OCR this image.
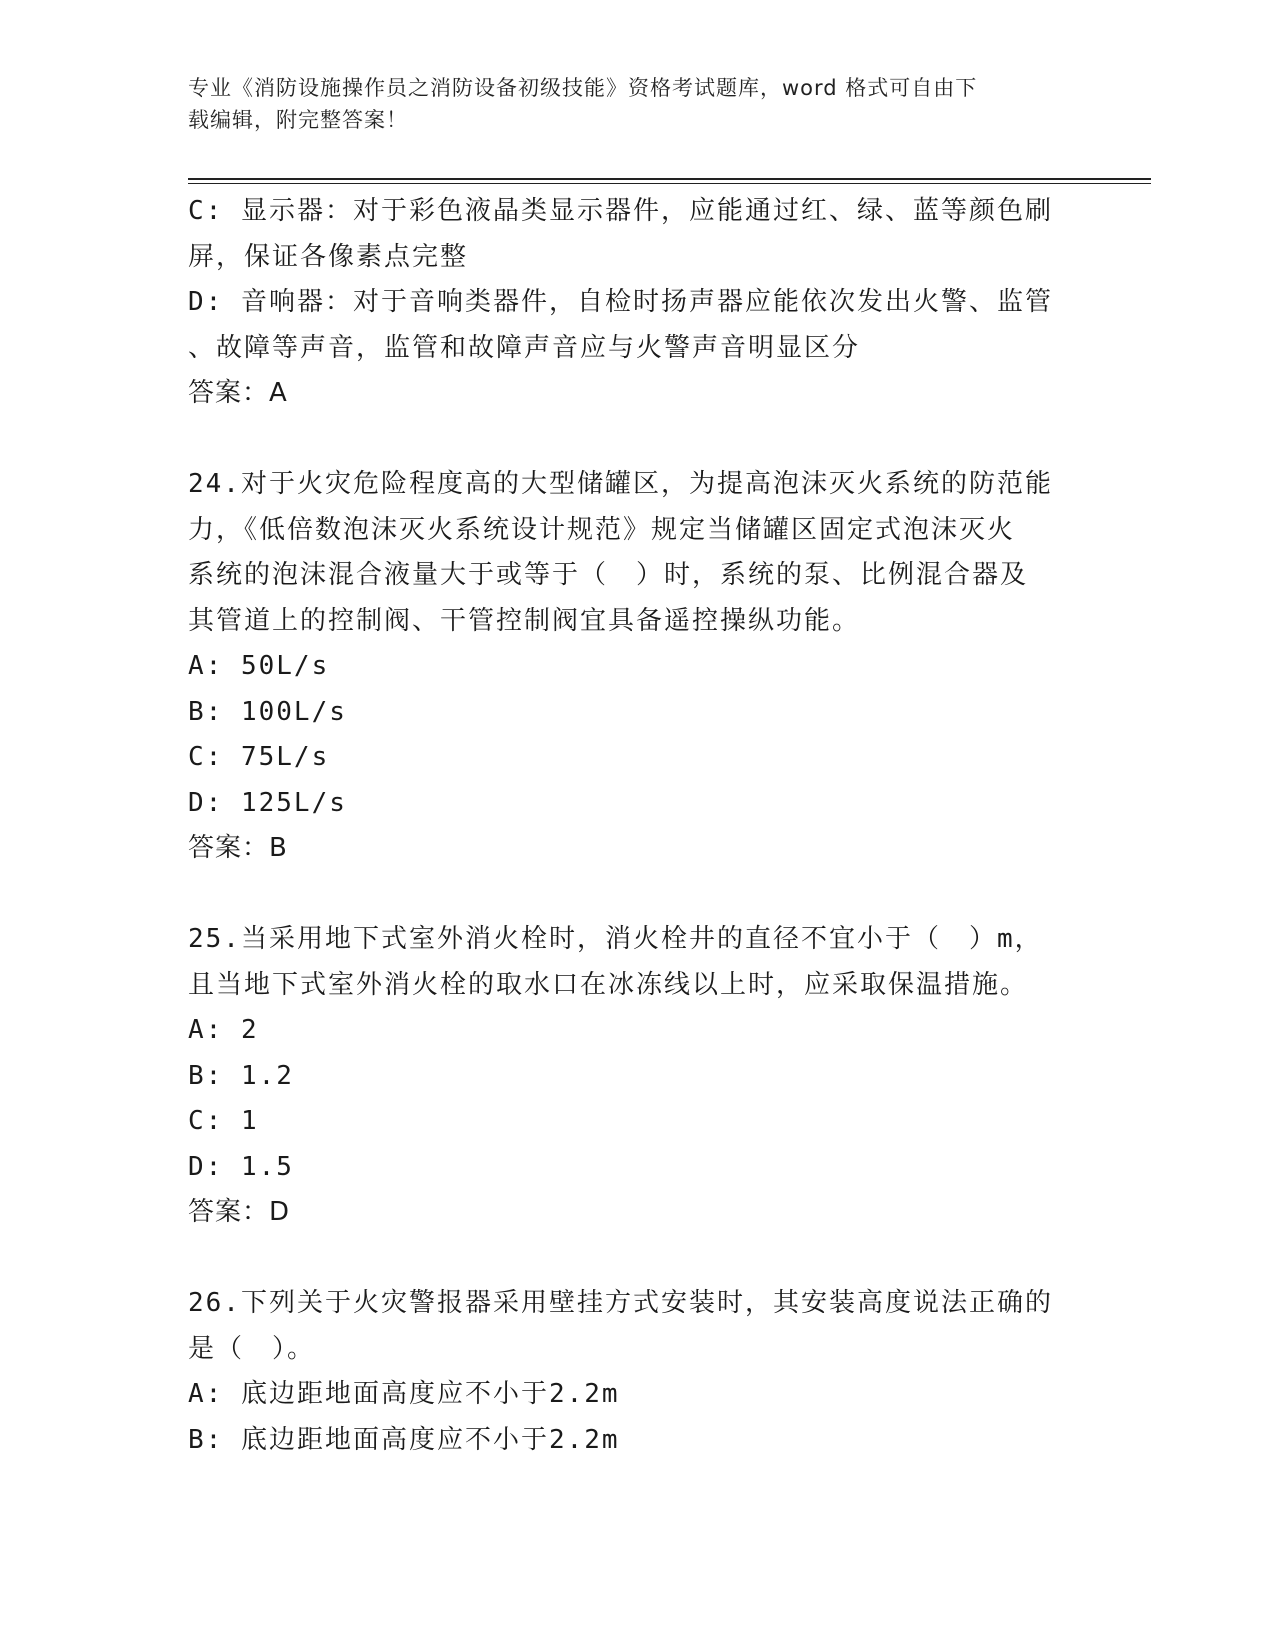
专业《消防设施操作员之消防设备初级技能》资格考试题库，word 格式可自由下
载编辑，附完整答案！
C: 显示器：对于彩色液晶类显示器件，应能通过红、绿、蓝等颜色刷
屏，保证各像素点完整
D: 音响器：对于音响类器件，自检时扬声器应能依次发出火警、监管
、故障等声音，监管和故障声音应与火警声音明显区分
答案：A
24.对于火灾危险程度高的大型储罐区，为提高泡沫灭火系统的防范能
力，《低倍数泡沫灭火系统设计规范》规定当储罐区固定式泡沫灭火
系统的泡沫混合液量大于或等于（　）时，系统的泵、比例混合器及
其管道上的控制阀、干管控制阀宜具备遥控操纵功能。
A: 50L/s
B: 100L/s
C: 75L/s
D: 125L/s
答案：B
25.当采用地下式室外消火栓时，消火栓井的直径不宜小于（　）m，
且当地下式室外消火栓的取水口在冰冻线以上时，应采取保温措施。
A: 2
B: 1.2
C: 1
D: 1.5
答案：D
26.下列关于火灾警报器采用壁挂方式安装时，其安装高度说法正确的
是（　）。
A: 底边距地面高度应不小于2.2m
B: 底边距地面高度应不小于2.2m
